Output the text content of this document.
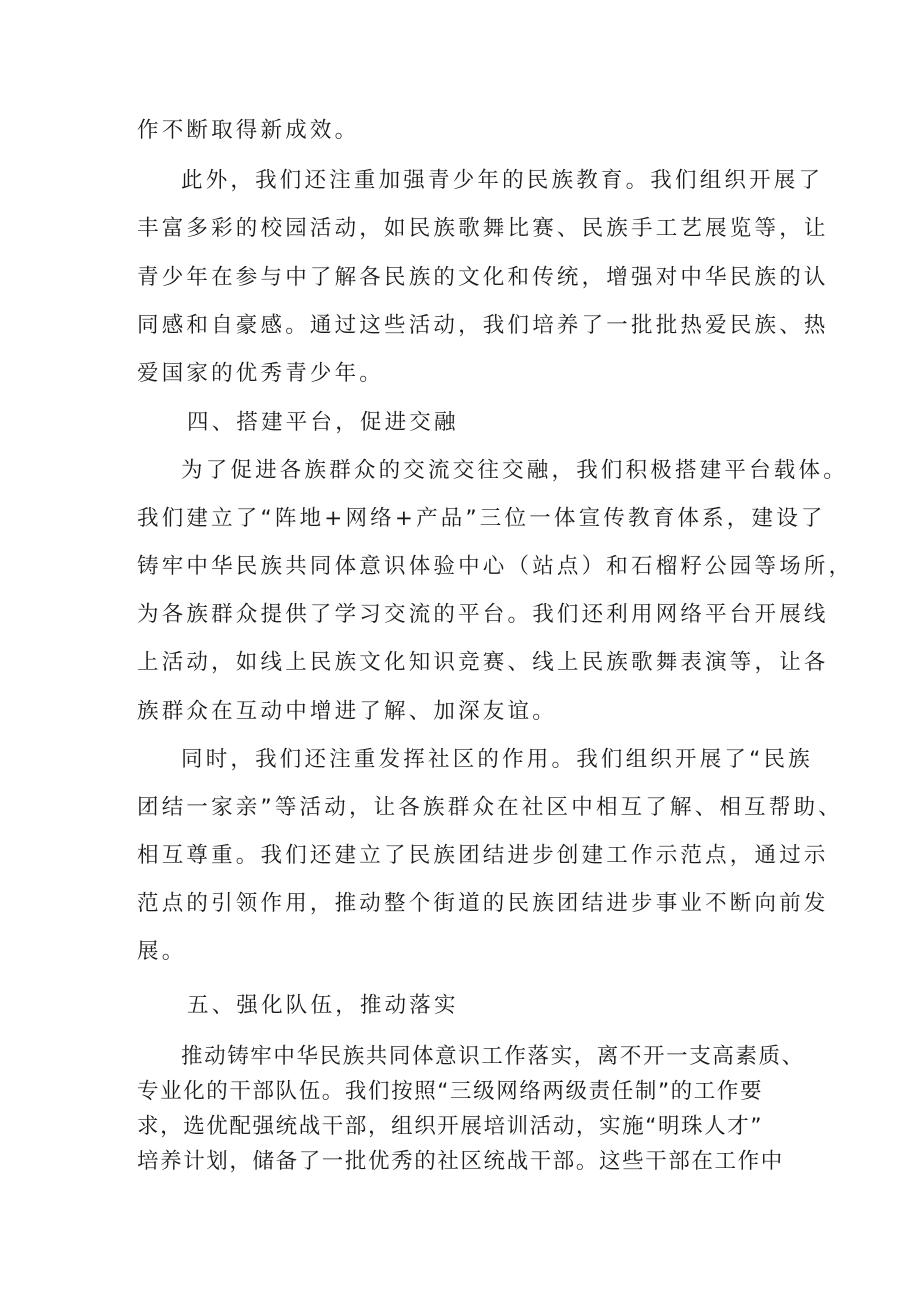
作不断取得新成效。
此外，我们还注重加强青少年的民族教育。我们组织开展了
丰富多彩的校园活动，如民族歌舞比赛、民族手工艺展览等，让
青少年在参与中了解各民族的文化和传统，增强对中华民族的认
同感和自豪感。通过这些活动，我们培养了一批批热爱民族、热
爱国家的优秀青少年。
四、搭建平台，促进交融
为了促进各族群众的交流交往交融，我们积极搭建平台载体。
我们建立了“阵地+网络+产品”三位一体宣传教育体系，建设了
铸牢中华民族共同体意识体验中心（站点）和石榴籽公园等场所，
为各族群众提供了学习交流的平台。我们还利用网络平台开展线
上活动，如线上民族文化知识竞赛、线上民族歌舞表演等，让各
族群众在互动中增进了解、加深友谊。
同时，我们还注重发挥社区的作用。我们组织开展了“民族
团结一家亲”等活动，让各族群众在社区中相互了解、相互帮助、
相互尊重。我们还建立了民族团结进步创建工作示范点，通过示
范点的引领作用，推动整个街道的民族团结进步事业不断向前发
展。
五、强化队伍，推动落实
推动铸牢中华民族共同体意识工作落实，离不开一支高素质、
专业化的干部队伍。我们按照“三级网络两级责任制”的工作要
求，选优配强统战干部，组织开展培训活动，实施“明珠人才”
培养计划，储备了一批优秀的社区统战干部。这些干部在工作中
